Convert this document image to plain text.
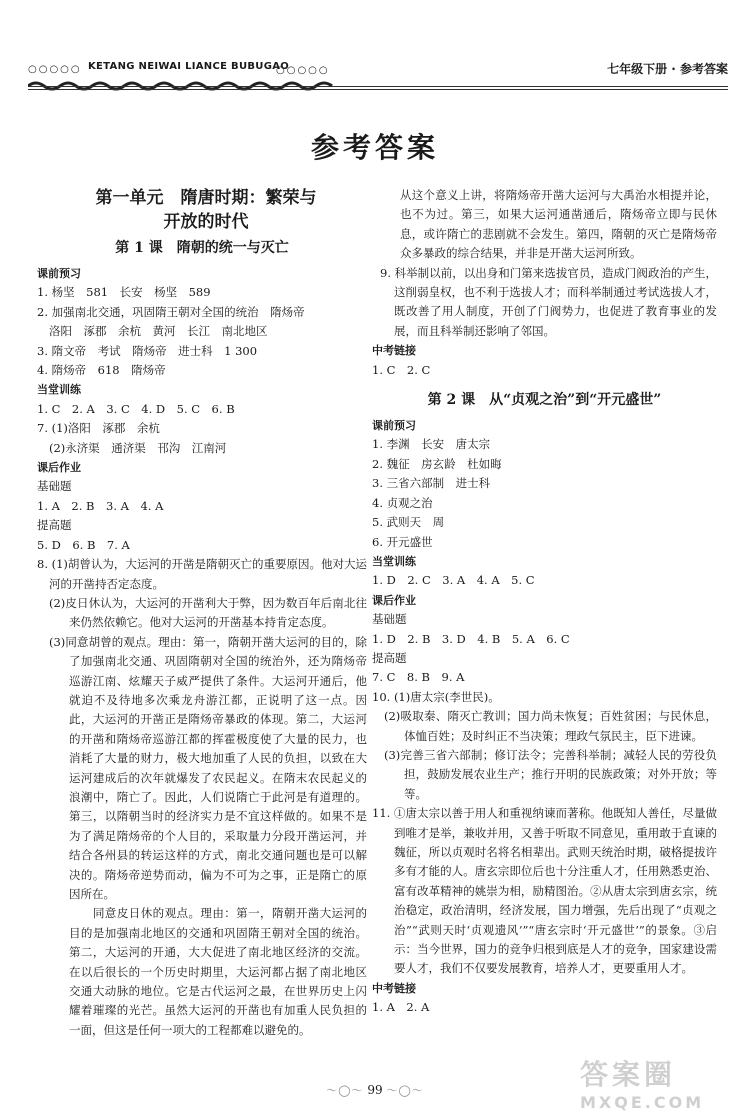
○○○○○ KETANG NEIWAI LIANCE BUBUGAO
○○○○○	七年级下册 · 参考答案
参考答案
第一单元　隋唐时期：繁荣与
开放的时代
第 1 课　隋朝的统一与灭亡
课前预习
1. 杨坚　581　长安　杨坚　589
2. 加强南北交通，巩固隋王朝对全国的统治　隋炀帝
洛阳　涿郡　余杭　黄河　长江　南北地区
3. 隋文帝　考试　隋炀帝　进士科　1 300
4. 隋炀帝　618　隋炀帝
当堂训练
1. C　2. A　3. C　4. D　5. C　6. B
7. (1)洛阳　涿郡　余杭
(2)永济渠　通济渠　邗沟　江南河
课后作业
基础题
1. A　2. B　3. A　4. A
提高题
5. D　6. B　7. A
8. (1)胡曾认为，大运河的开凿是隋朝灭亡的重要原因。他对大运河的开凿持否定态度。
(2)皮日休认为，大运河的开凿利大于弊，因为数百年后南北往来仍然依赖它。他对大运河的开凿基本持肯定态度。
(3)同意胡曾的观点。理由：第一，隋朝开凿大运河的目的，除了加强南北交通、巩固隋朝对全国的统治外，还为隋炀帝巡游江南、炫耀天子威严提供了条件。大运河开通后，他就迫不及待地多次乘龙舟游江都，正说明了这一点。因此，大运河的开凿正是隋炀帝暴政的体现。第二，大运河的开凿和隋炀帝巡游江都的挥霍极度使了大量的民力，也消耗了大量的财力，极大地加重了人民的负担，以致在大运河建成后的次年就爆发了农民起义。在隋末农民起义的浪潮中，隋亡了。因此，人们说隋亡于此河是有道理的。第三，以隋朝当时的经济实力是不宜这样做的。如果不是为了满足隋炀帝的个人目的，采取量力分段开凿运河，并结合各州县的转运这样的方式，南北交通问题也是可以解决的。隋炀帝逆势而动，偏为不可为之事，正是隋亡的原因所在。
同意皮日休的观点。理由：第一，隋朝开凿大运河的目的是加强南北地区的交通和巩固隋王朝对全国的统治。第二，大运河的开通，大大促进了南北地区经济的交流。在以后很长的一个历史时期里，大运河都占据了南北地区交通大动脉的地位。它是古代运河之最，在世界历史上闪耀着璀璨的光芒。虽然大运河的开凿也有加重人民负担的一面，但这是任何一项大的工程都难以避免的。
从这个意义上讲，将隋炀帝开凿大运河与大禹治水相提并论，也不为过。第三，如果大运河通凿通后，隋炀帝立即与民休息，或许隋亡的悲剧就不会发生。第四，隋朝的灭亡是隋炀帝众多暴政的综合结果，并非是开凿大运河所致。
9. 科举制以前，以出身和门第来选拔官员，造成门阀政治的产生，这削弱皇权，也不利于选拔人才；而科举制通过考试选拔人才，既改善了用人制度，开创了门阀势力，也促进了教育事业的发展，而且科举制还影响了邻国。
中考链接
1. C　2. C
第 2 课　从“贞观之治”到“开元盛世”
课前预习
1. 李渊　长安　唐太宗
2. 魏征　房玄龄　杜如晦
3. 三省六部制　进士科
4. 贞观之治
5. 武则天　周
6. 开元盛世
当堂训练
1. D　2. C　3. A　4. A　5. C
课后作业
基础题
1. D　2. B　3. D　4. B　5. A　6. C
提高题
7. C　8. B　9. A
10. (1)唐太宗(李世民)。
(2)吸取秦、隋灭亡教训；国力尚未恢复；百姓贫困；与民休息，体恤百姓；及时纠正不当决策；理政气氛民主，臣下进谏。
(3)完善三省六部制；修订法令；完善科举制；减轻人民的劳役负担，鼓励发展农业生产；推行开明的民族政策；对外开放；等等。
11. ①唐太宗以善于用人和重视纳谏而著称。他既知人善任，尽量做到唯才是举，兼收并用，又善于听取不同意见，重用敢于直谏的魏征，所以贞观时名将名相辈出。武则天统治时期，破格提拔许多有才能的人。唐玄宗即位后也十分注重人才，任用熟悉吏治、富有改革精神的姚崇为相，励精图治。②从唐太宗到唐玄宗，统治稳定，政治清明，经济发展，国力增强，先后出现了“贞观之治”“武则天时‘贞观遗风’”“唐玄宗时‘开元盛世’”的景象。③启示：当今世界，国力的竞争归根到底是人才的竞争，国家建设需要人才，我们不仅要发展教育，培养人才，更要重用人才。
中考链接
1. A　2. A
〜◯〜 99 〜◯〜	答案圈
MXQE.COM
